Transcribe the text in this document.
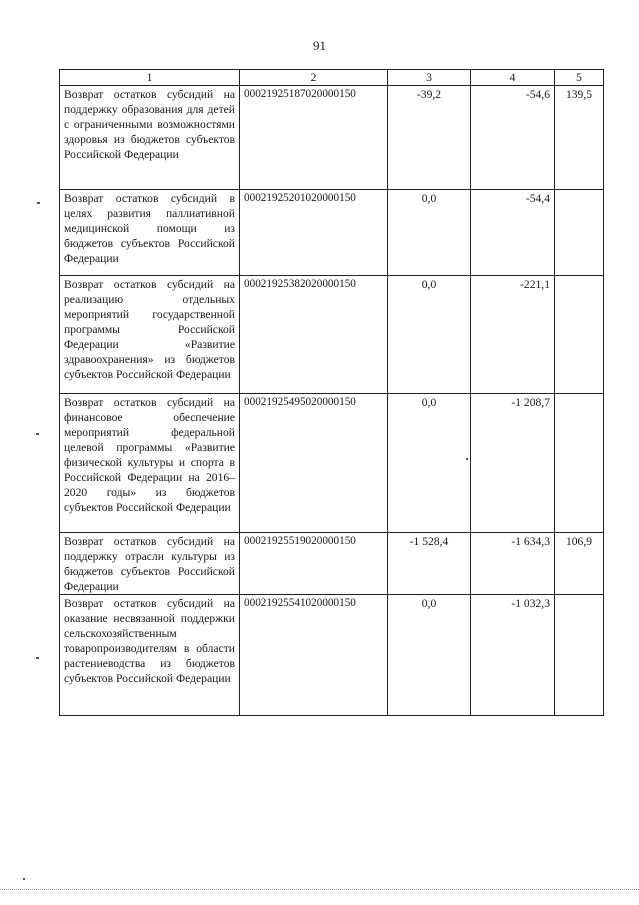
91
1	2	3	4	5
Возврат остатков субсидий на поддержку образования для детей с ограниченными возможностями здоровья из бюджетов субъектов Российской Федерации	00021925187020000150	-39,2	-54,6	139,5
Возврат остатков субсидий в целях развития паллиативной медицинской помощи из бюджетов субъектов Российской Федерации	00021925201020000150	0,0	-54,4	
Возврат остатков субсидий на реализацию отдельных мероприятий государственной программы Российской Федерации «Развитие здравоохранения» из бюджетов субъектов Российской Федерации	00021925382020000150	0,0	-221,1	
Возврат остатков субсидий на финансовое обеспечение мероприятий федеральной целевой программы «Развитие физической культуры и спорта в Российской Федерации на 2016–2020 годы» из бюджетов субъектов Российской Федерации	00021925495020000150	0,0	-1 208,7	
Возврат остатков субсидий на поддержку отрасли культуры из бюджетов субъектов Российской Федерации	00021925519020000150	-1 528,4	-1 634,3	106,9
Возврат остатков субсидий на оказание несвязанной поддержки сельскохозяйственным товаропроизводителям в области растениеводства из бюджетов субъектов Российской Федерации	00021925541020000150	0,0	-1 032,3	
